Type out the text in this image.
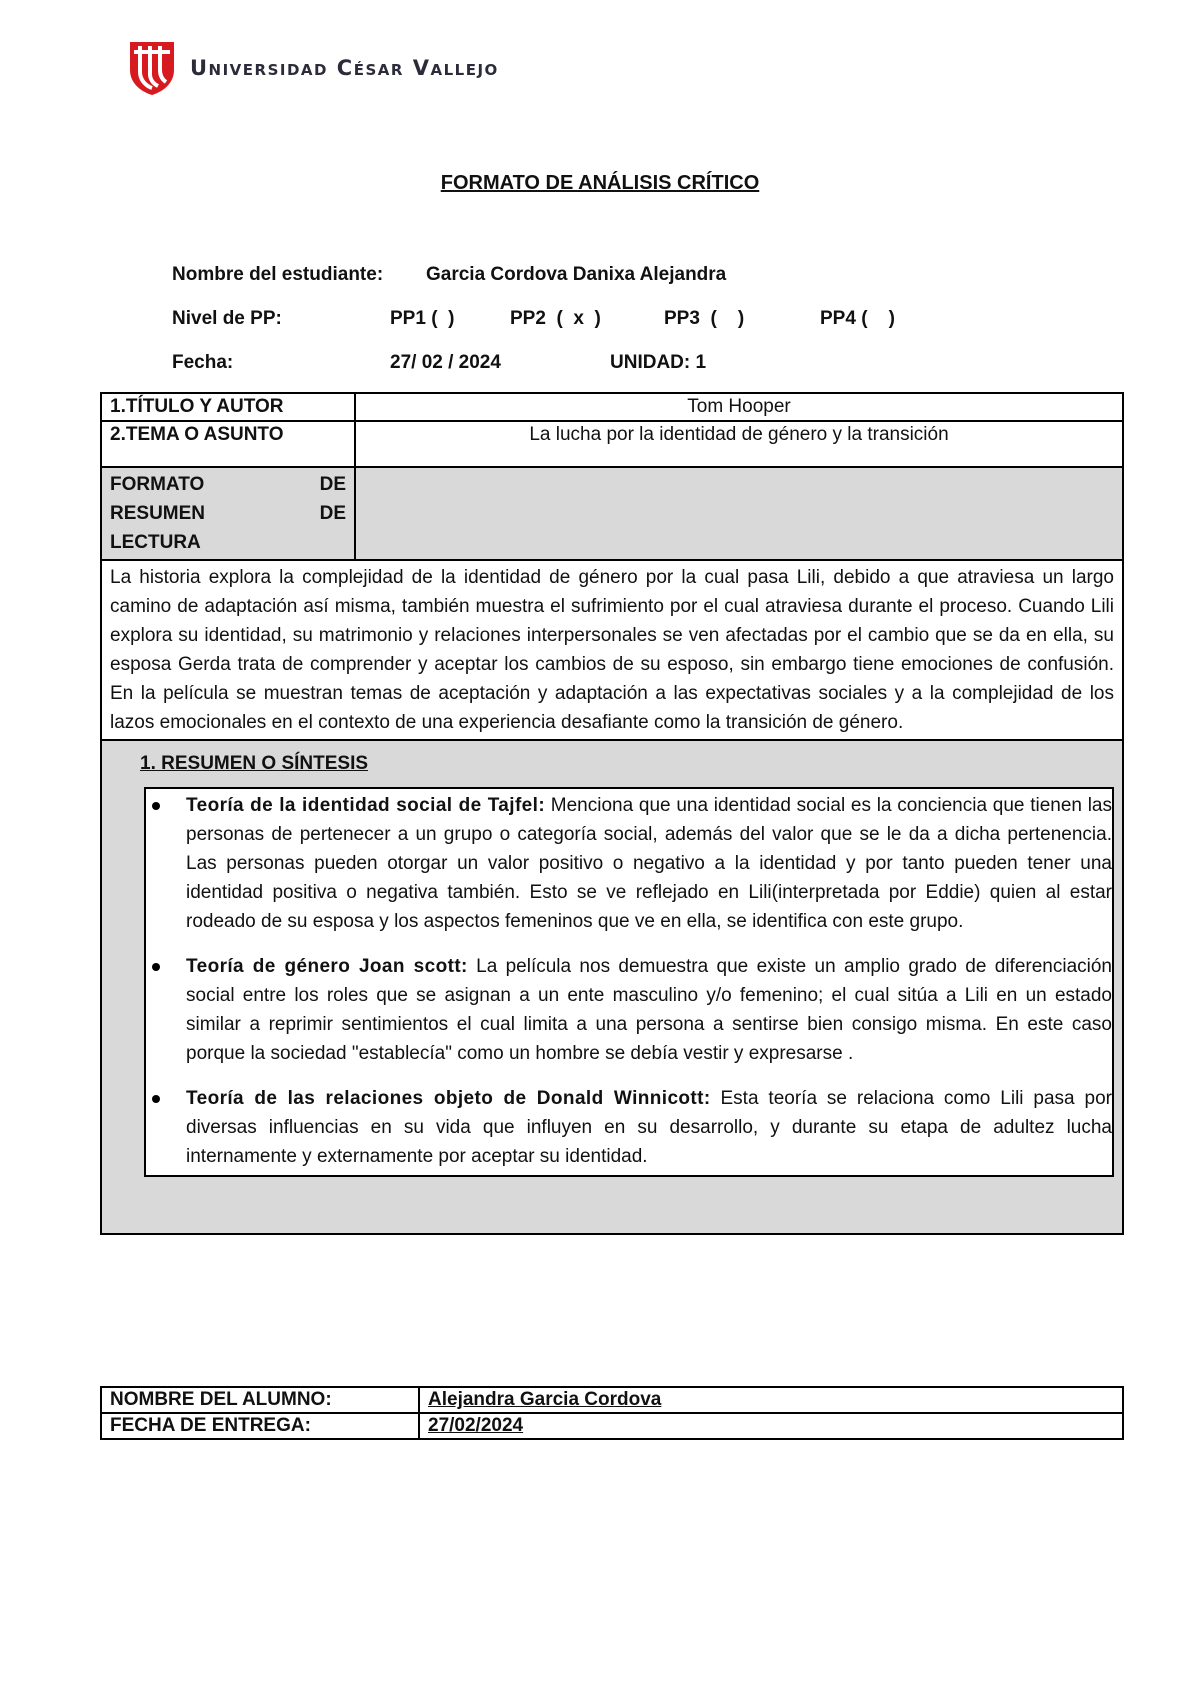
Universidad César Vallejo
FORMATO DE ANÁLISIS CRÍTICO
Nombre del estudiante: Garcia Cordova Danixa Alejandra
Nivel de PP:	PP1 (  )	PP2  (  x  )	PP3  (    )	PP4 (    )
Fecha:	27/ 02 / 2024	UNIDAD: 1
1.TÍTULO Y AUTOR	Tom Hooper
2.TEMA O ASUNTO	La lucha por la identidad de género y la transición

FORMATO DE
RESUMEN DE
LECTURA	

La historia explora la complejidad de la identidad de género por la cual pasa Lili, debido a que atraviesa un largo camino de adaptación así misma, también muestra el sufrimiento por el cual atraviesa durante el proceso. Cuando Lili explora su identidad, su matrimonio y relaciones interpersonales se ven afectadas por el cambio que se da en ella, su esposa Gerda trata de comprender y aceptar los cambios de su esposo, sin embargo tiene emociones de confusión. En la película se muestran temas de aceptación y adaptación a las expectativas sociales y a la complejidad de los lazos emocionales en el contexto de una experiencia desafiante como la transición de género.	

1. RESUMEN O SÍNTESIS
Teoría de la identidad social de Tajfel: Menciona que una identidad social es la conciencia que tienen las personas de pertenecer a un grupo o categoría social, además del valor que se le da a dicha pertenencia. Las personas pueden otorgar un valor positivo o negativo a la identidad y por tanto pueden tener una identidad positiva o negativa también. Esto se ve reflejado en Lili(interpretada por Eddie) quien al estar rodeado de su esposa y los aspectos femeninos que ve en ella, se identifica con este grupo.
Teoría de género Joan scott: La película nos demuestra que existe un amplio grado de diferenciación social entre los roles que se asignan a un ente masculino y/o femenino; el cual sitúa a Lili en un estado similar a reprimir sentimientos el cual limita a una persona a sentirse bien consigo misma. En este caso porque la sociedad "establecía" como un hombre se debía vestir y expresarse .
Teoría de las relaciones objeto de Donald Winnicott: Esta teoría se relaciona como Lili pasa por diversas influencias en su vida que influyen en su desarrollo, y durante su etapa de adultez lucha internamente y externamente por aceptar su identidad.	
NOMBRE DEL ALUMNO:	Alejandra Garcia Cordova
FECHA DE ENTREGA:	27/02/2024
